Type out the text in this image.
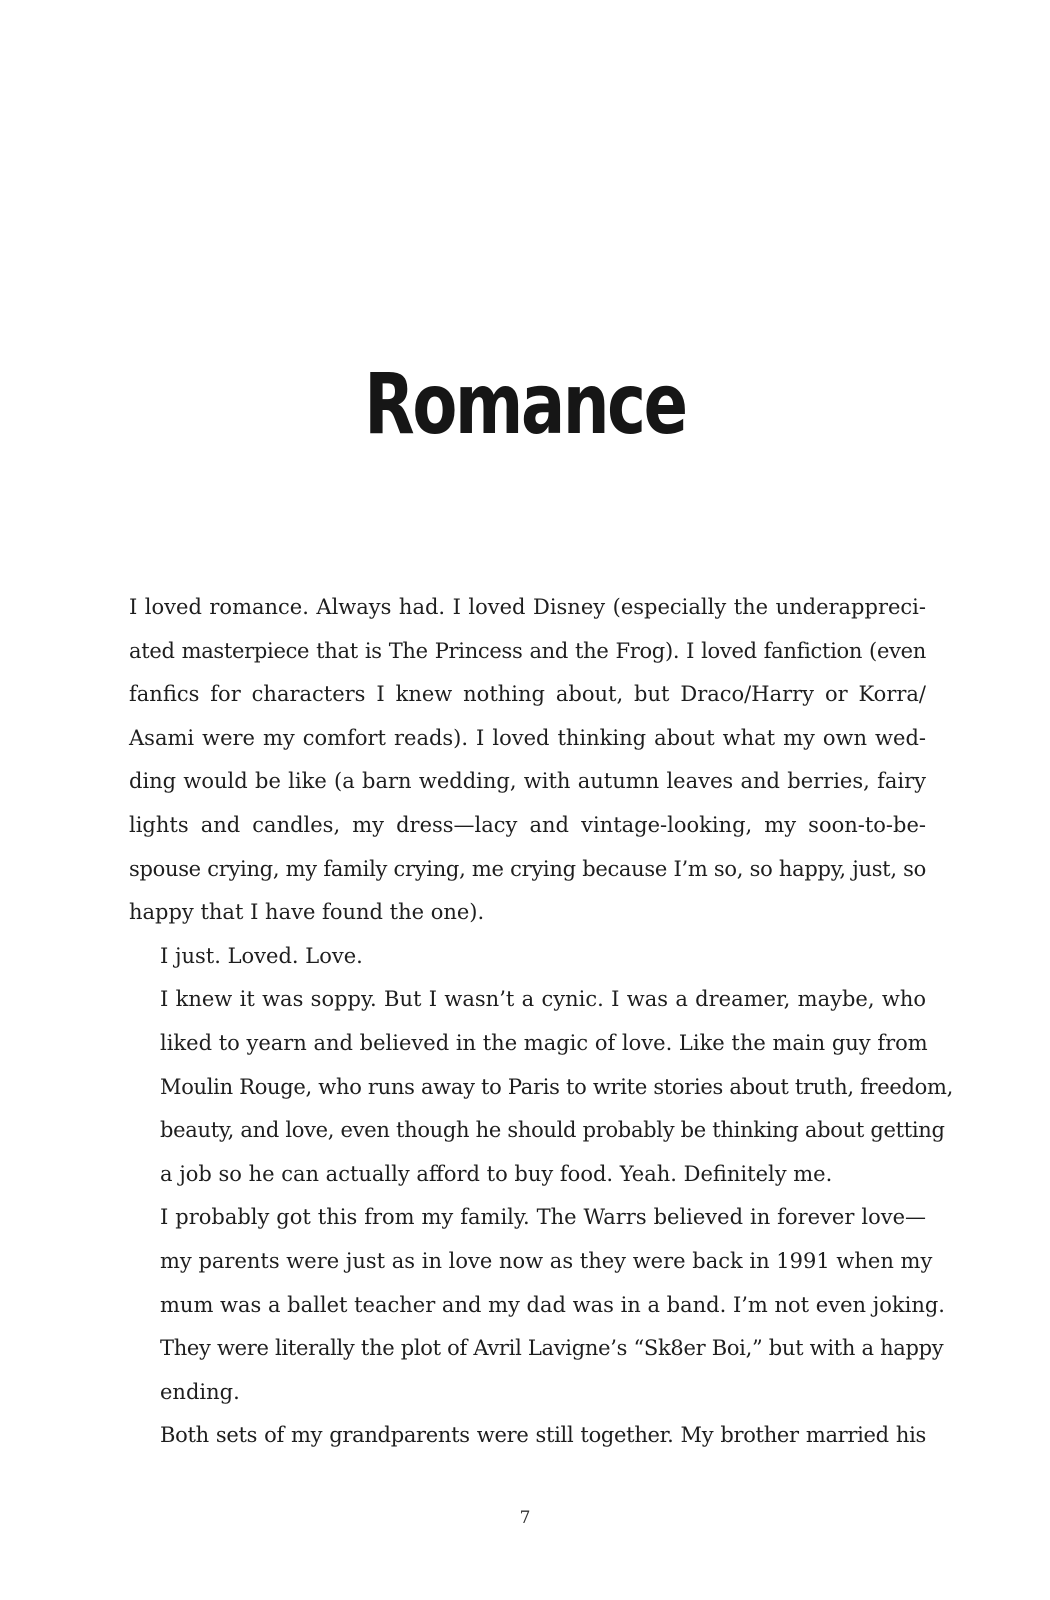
Romance

I loved romance. Always had. I loved Disney (especially the underappreci-
ated masterpiece that is The Princess and the Frog). I loved fanfiction (even
fanfics for characters I knew nothing about, but Draco/Harry or Korra/
Asami were my comfort reads). I loved thinking about what my own wed-
ding would be like (a barn wedding, with autumn leaves and berries, fairy
lights and candles, my dress—lacy and vintage-looking, my soon-to-be-
spouse crying, my family crying, me crying because I’m so, so happy, just, so
happy that I have found the one).

I just. Loved. Love.

I knew it was soppy. But I wasn’t a cynic. I was a dreamer, maybe, who
liked to yearn and believed in the magic of love. Like the main guy from
Moulin Rouge, who runs away to Paris to write stories about truth, freedom,
beauty, and love, even though he should probably be thinking about getting
a job so he can actually afford to buy food. Yeah. Definitely me.

I probably got this from my family. The Warrs believed in forever love—
my parents were just as in love now as they were back in 1991 when my
mum was a ballet teacher and my dad was in a band. I’m not even joking.
They were literally the plot of Avril Lavigne’s “Sk8er Boi,” but with a happy
ending.

Both sets of my grandparents were still together. My brother married his

7
